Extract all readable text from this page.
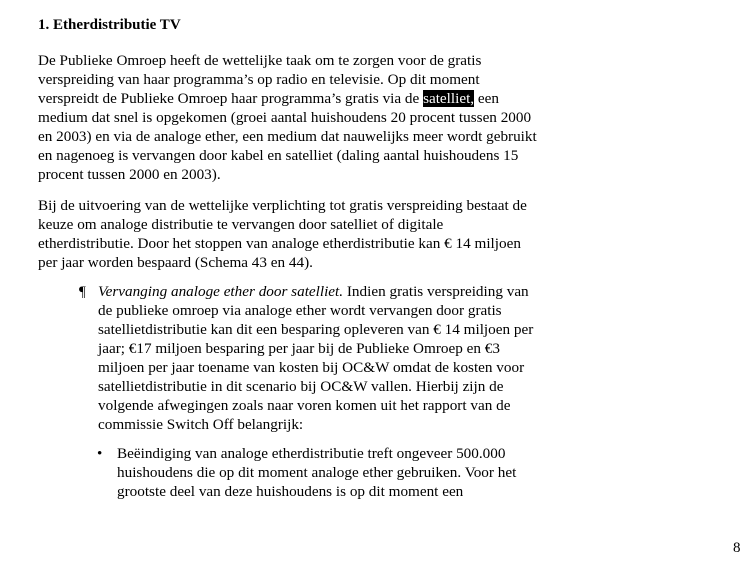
1. Etherdistributie TV
De Publieke Omroep heeft de wettelijke taak om te zorgen voor de gratis
verspreiding van haar programma’s op radio en televisie. Op dit moment
verspreidt de Publieke Omroep haar programma’s gratis via de satelliet, een
medium dat snel is opgekomen (groei aantal huishoudens 20 procent tussen 2000
en 2003) en via de analoge ether, een medium dat nauwelijks meer wordt gebruikt
en nagenoeg is vervangen door kabel en satelliet (daling aantal huishoudens 15
procent tussen 2000 en 2003).
Bij de uitvoering van de wettelijke verplichting tot gratis verspreiding bestaat de
keuze om analoge distributie te vervangen door satelliet of digitale
etherdistributie. Door het stoppen van analoge etherdistributie kan € 14 miljoen
per jaar worden bespaard (Schema 43 en 44).
¶ Vervanging analoge ether door satelliet. Indien gratis verspreiding van
de publieke omroep via analoge ether wordt vervangen door gratis
satellietdistributie kan dit een besparing opleveren van € 14 miljoen per
jaar; €17 miljoen besparing per jaar bij de Publieke Omroep en €3
miljoen per jaar toename van kosten bij OC&W omdat de kosten voor
satellietdistributie in dit scenario bij OC&W vallen. Hierbij zijn de
volgende afwegingen zoals naar voren komen uit het rapport van de
commissie Switch Off belangrijk:
• Beëindiging van analoge etherdistributie treft ongeveer 500.000
huishoudens die op dit moment analoge ether gebruiken. Voor het
grootste deel van deze huishoudens is op dit moment een
8
